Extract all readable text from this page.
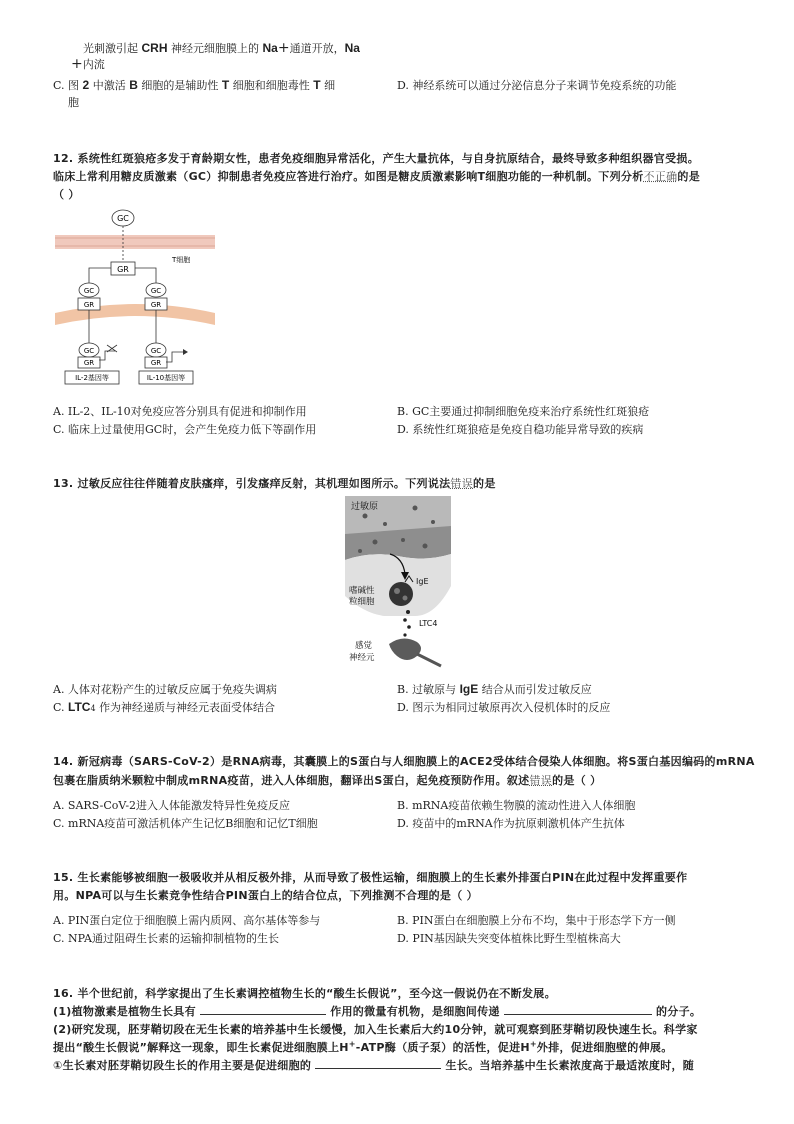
光刺激引起 CRH 神经元细胞膜上的 Na+通道开放，Na
+内流
C. 图 2 中激活 B 细胞的是辅助性 T 细胞和细胞毒性 T 细
胞
D. 神经系统可以通过分泌信息分子来调节免疫系统的功能
12. 系统性红斑狼疮多发于育龄期女性，患者免疫细胞异常活化，产生大量抗体，与自身抗原结合，最终导致多种组织器官受损。
临床上常利用糖皮质激素（GC）抑制患者免疫应答进行治疗。如图是糖皮质激素影响T细胞功能的一种机制。下列分析不正确的是
（ ）
GC
GR
T细胞
GC
GR
GC
GR
GC
GR
IL-2基因等
GC
GR
IL-10基因等
A. IL-2、IL-10对免疫应答分别具有促进和抑制作用	B. GC主要通过抑制细胞免疫来治疗系统性红斑狼疮
C. 临床上过量使用GC时，会产生免疫力低下等副作用	D. 系统性红斑狼疮是免疫自稳功能异常导致的疾病
13. 过敏反应往往伴随着皮肤瘙痒，引发瘙痒反射，其机理如图所示。下列说法错误的是
过敏原
IgE
嗜碱性
粒细胞
LTC4
感觉
神经元
A. 人体对花粉产生的过敏反应属于免疫失调病	B. 过敏原与 IgE 结合从而引发过敏反应
C. LTC4 作为神经递质与神经元表面受体结合	D. 图示为相同过敏原再次入侵机体时的反应
14. 新冠病毒（SARS-CoV-2）是RNA病毒，其囊膜上的S蛋白与人细胞膜上的ACE2受体结合侵染人体细胞。将S蛋白基因编码的mRNA
包裹在脂质纳米颗粒中制成mRNA疫苗，进入人体细胞，翻译出S蛋白，起免疫预防作用。叙述错误的是（ ）
A. SARS-CoV-2进入人体能激发特异性免疫反应	B. mRNA疫苗依赖生物膜的流动性进入人体细胞
C. mRNA疫苗可激活机体产生记忆B细胞和记忆T细胞	D. 疫苗中的mRNA作为抗原刺激机体产生抗体
15. 生长素能够被细胞一极吸收并从相反极外排，从而导致了极性运输，细胞膜上的生长素外排蛋白PIN在此过程中发挥重要作
用。NPA可以与生长素竞争性结合PIN蛋白上的结合位点，下列推测不合理的是（ ）
A. PIN蛋白定位于细胞膜上需内质网、高尔基体等参与	B. PIN蛋白在细胞膜上分布不均，集中于形态学下方一侧
C. NPA通过阻碍生长素的运输抑制植物的生长	D. PIN基因缺失突变体植株比野生型植株高大
16. 半个世纪前，科学家提出了生长素调控植物生长的“酸生长假说”，至今这一假说仍在不断发展。
(1)植物激素是植物生长具有	作用的微量有机物，是细胞间传递	的分子。
(2)研究发现，胚芽鞘切段在无生长素的培养基中生长缓慢，加入生长素后大约10分钟，就可观察到胚芽鞘切段快速生长。科学家
提出“酸生长假说”解释这一现象，即生长素促进细胞膜上H+-ATP酶（质子泵）的活性，促进H+外排，促进细胞壁的伸展。
①生长素对胚芽鞘切段生长的作用主要是促进细胞的	生长。当培养基中生长素浓度高于最适浓度时，随
